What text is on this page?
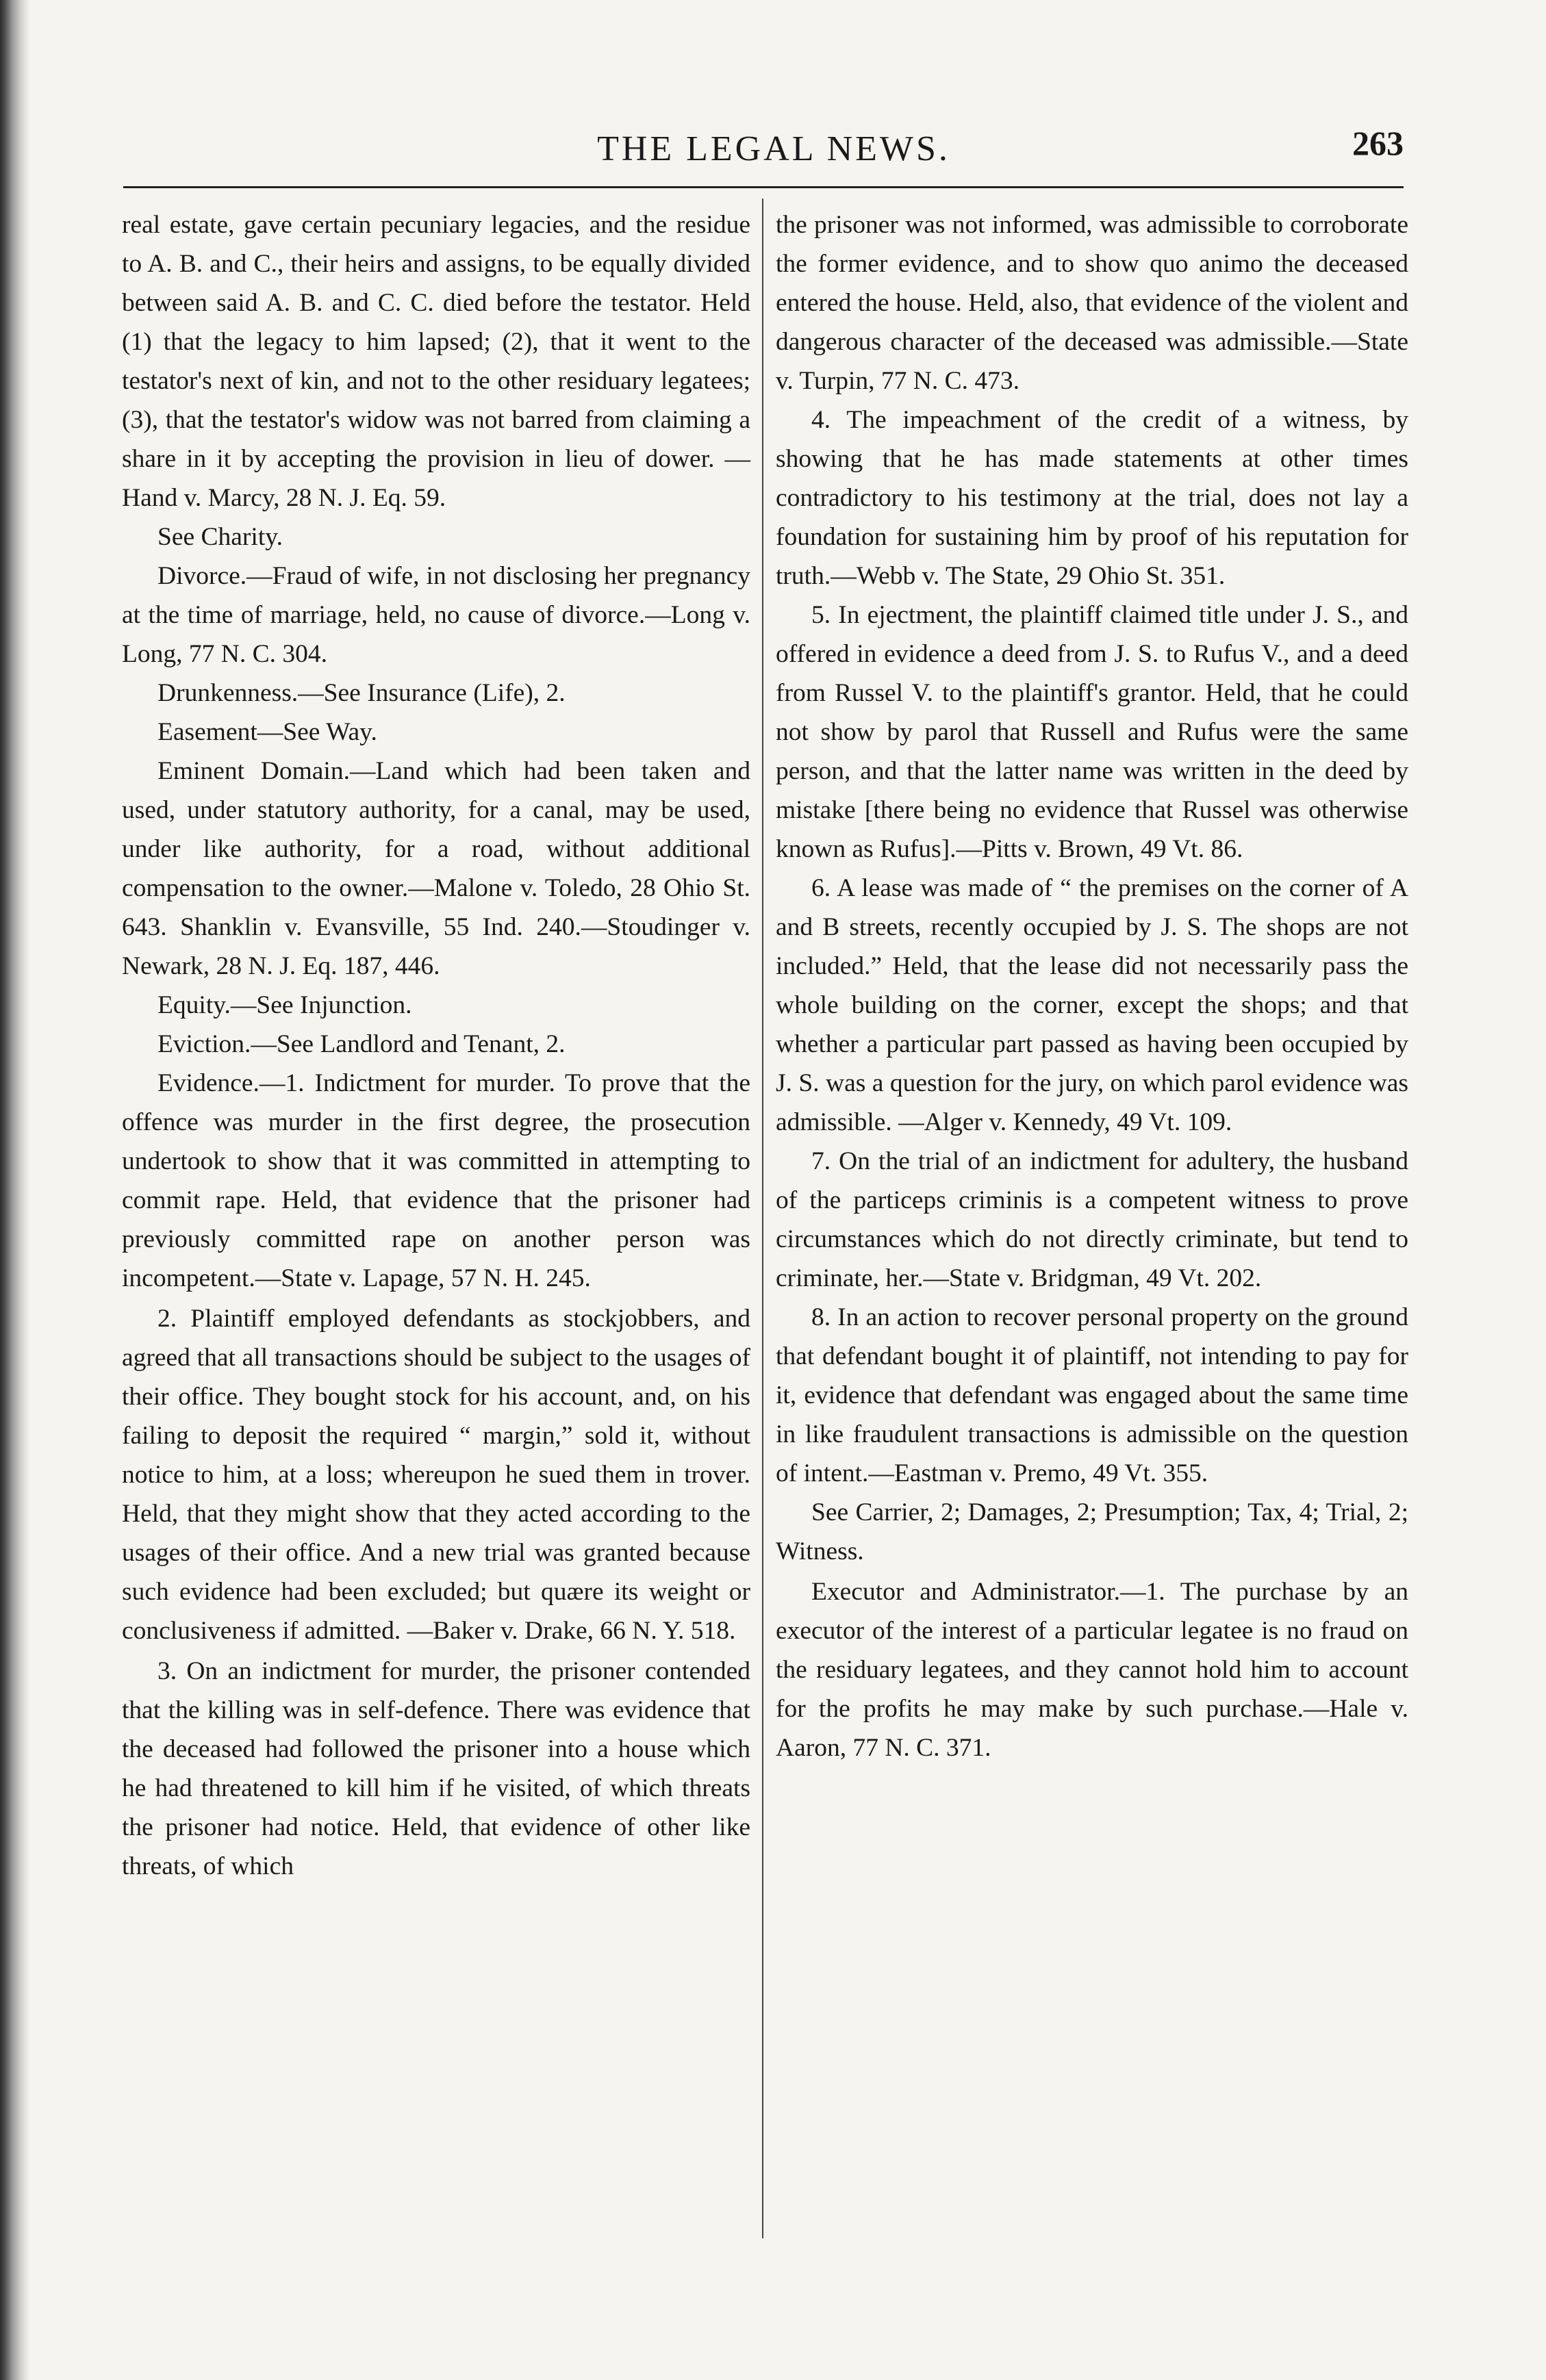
THE LEGAL NEWS.	263

real estate, gave certain pecuniary legacies, and the residue to A. B. and C., their heirs and assigns, to be equally divided between said A. B. and C. C. died before the testator. Held (1) that the legacy to him lapsed; (2), that it went to the testator's next of kin, and not to the other residuary legatees; (3), that the testator's widow was not barred from claiming a share in it by accepting the provision in lieu of dower. —Hand v. Marcy, 28 N. J. Eq. 59.

See Charity.

Divorce.—Fraud of wife, in not disclosing her pregnancy at the time of marriage, held, no cause of divorce.—Long v. Long, 77 N. C. 304.

Drunkenness.—See Insurance (Life), 2.

Easement—See Way.

Eminent Domain.—Land which had been taken and used, under statutory authority, for a canal, may be used, under like authority, for a road, without additional compensation to the owner.—Malone v. Toledo, 28 Ohio St. 643. Shanklin v. Evansville, 55 Ind. 240.—Stoudinger v. Newark, 28 N. J. Eq. 187, 446.

Equity.—See Injunction.

Eviction.—See Landlord and Tenant, 2.

Evidence.—1. Indictment for murder. To prove that the offence was murder in the first degree, the prosecution undertook to show that it was committed in attempting to commit rape. Held, that evidence that the prisoner had previously committed rape on another person was incompetent.—State v. Lapage, 57 N. H. 245.

2. Plaintiff employed defendants as stockjobbers, and agreed that all transactions should be subject to the usages of their office. They bought stock for his account, and, on his failing to deposit the required “ margin,” sold it, without notice to him, at a loss; whereupon he sued them in trover. Held, that they might show that they acted according to the usages of their office. And a new trial was granted because such evidence had been excluded; but quære its weight or conclusiveness if admitted. —Baker v. Drake, 66 N. Y. 518.

3. On an indictment for murder, the prisoner contended that the killing was in self-defence. There was evidence that the deceased had followed the prisoner into a house which he had threatened to kill him if he visited, of which threats the prisoner had notice. Held, that evidence of other like threats, of which

the prisoner was not informed, was admissible to corroborate the former evidence, and to show quo animo the deceased entered the house. Held, also, that evidence of the violent and dangerous character of the deceased was admissible.—State v. Turpin, 77 N. C. 473.

4. The impeachment of the credit of a witness, by showing that he has made statements at other times contradictory to his testimony at the trial, does not lay a foundation for sustaining him by proof of his reputation for truth.—Webb v. The State, 29 Ohio St. 351.

5. In ejectment, the plaintiff claimed title under J. S., and offered in evidence a deed from J. S. to Rufus V., and a deed from Russel V. to the plaintiff's grantor. Held, that he could not show by parol that Russell and Rufus were the same person, and that the latter name was written in the deed by mistake [there being no evidence that Russel was otherwise known as Rufus].—Pitts v. Brown, 49 Vt. 86.

6. A lease was made of “ the premises on the corner of A and B streets, recently occupied by J. S. The shops are not included.” Held, that the lease did not necessarily pass the whole building on the corner, except the shops; and that whether a particular part passed as having been occupied by J. S. was a question for the jury, on which parol evidence was admissible. —Alger v. Kennedy, 49 Vt. 109.

7. On the trial of an indictment for adultery, the husband of the particeps criminis is a competent witness to prove circumstances which do not directly criminate, but tend to criminate, her.—State v. Bridgman, 49 Vt. 202.

8. In an action to recover personal property on the ground that defendant bought it of plaintiff, not intending to pay for it, evidence that defendant was engaged about the same time in like fraudulent transactions is admissible on the question of intent.—Eastman v. Premo, 49 Vt. 355.

See Carrier, 2; Damages, 2; Presumption; Tax, 4; Trial, 2; Witness.

Executor and Administrator.—1. The purchase by an executor of the interest of a particular legatee is no fraud on the residuary legatees, and they cannot hold him to account for the profits he may make by such purchase.—Hale v. Aaron, 77 N. C. 371.
